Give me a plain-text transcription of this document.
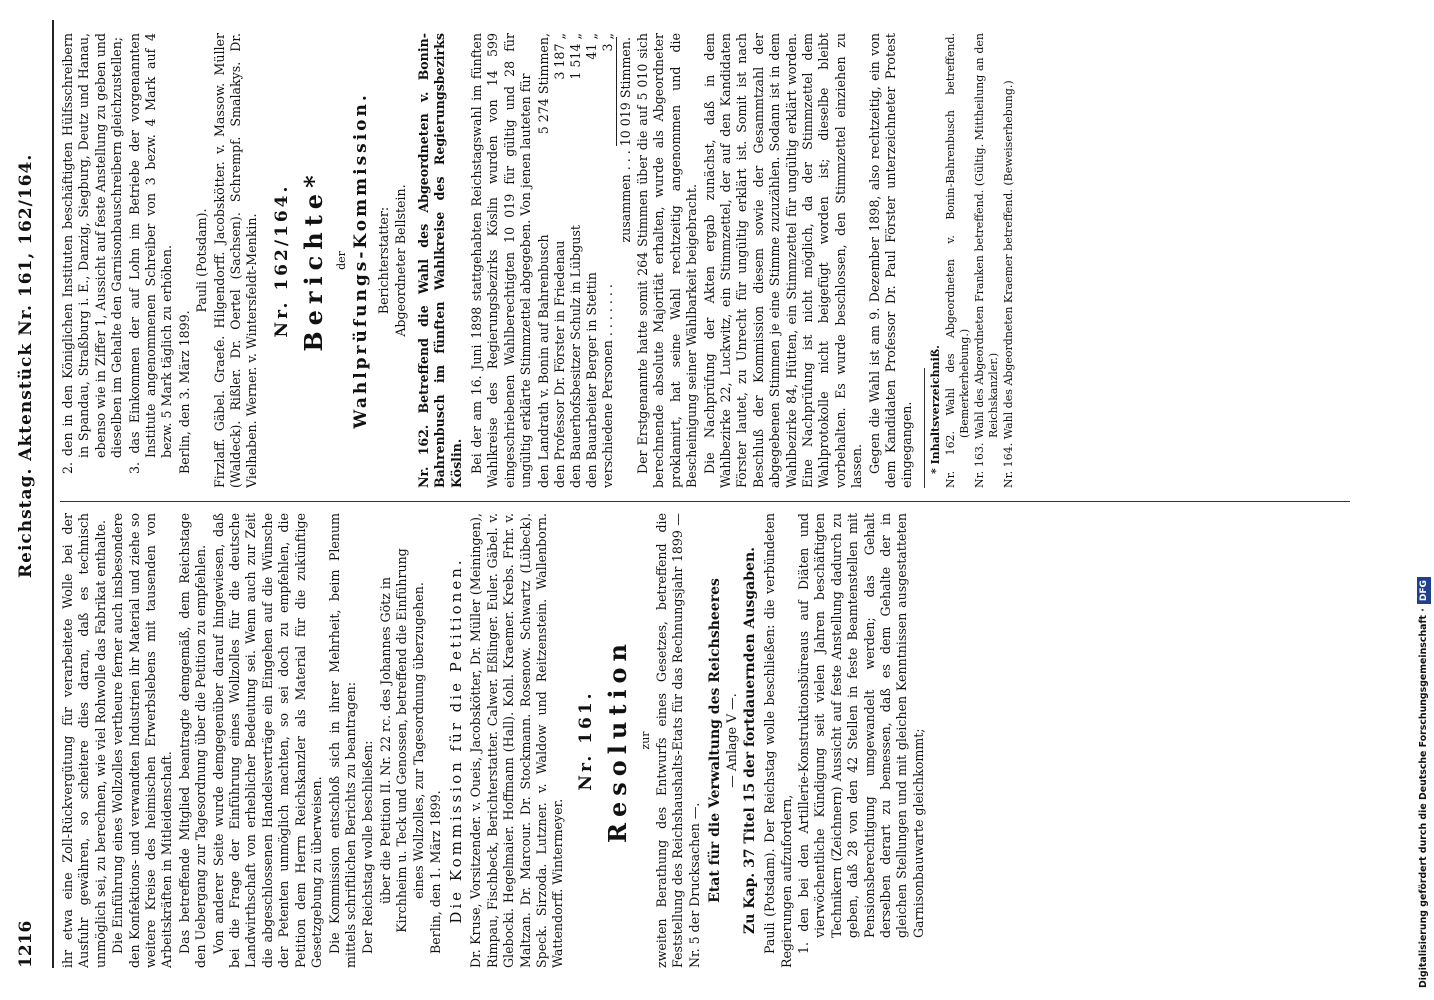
1216
Reichstag. Aktenstück Nr. 161, 162/164.

ihr etwa eine Zoll-Rückvergütung für verarbeitete Wolle bei der Ausfuhr gewähren, so scheitere dies daran, daß es technisch unmöglich sei, zu berechnen, wie viel Rohwolle das Fabrikat enthalte. Die Einführung eines Wollzolles vertheure ferner auch insbesondere den Konfektions- und verwandten Industrien ihr Material und ziehe so weitere Kreise des heimischen Erwerbslebens mit tausenden von Arbeitskräften in Mitleidenschaft. Das betreffende Mitglied beantragte demgemäß, dem Reichstage den Uebergang zur Tagesordnung über die Petition zu empfehlen. Von anderer Seite wurde demgegenüber darauf hingewiesen, daß bei die Frage der Einführung eines Wollzolles für die deutsche Landwirthschaft von erheblicher Bedeutung sei. Wenn auch zur Zeit die abgeschlossenen Handelsverträge ein Eingehen auf die Wünsche der Petenten unmöglich machten, so sei doch zu empfehlen, die Petition dem Herrn Reichskanzler als Material für die zukünftige Gesetzgebung zu überweisen. Die Kommission entschloß sich in ihrer Mehrheit, beim Plenum mittels schriftlichen Berichts zu beantragen: Der Reichstag wolle beschließen: über die Petition II. Nr. 22 rc. des Johannes Götz in Kirchheim u. Teck und Genossen, betreffend die Einführung eines Wollzolles, zur Tagesordnung überzugehen. Berlin, den 1. März 1899. Die Kommission für die Petitionen. Dr. Kruse, Vorsitzender. v. Oueis, Jacobskötter, Dr. Müller (Meiningen), Rimpau, Fischbeck, Berichterstatter. Calwer. Eßlinger. Euler. Gäbel. v. Glebocki. Hegelmaier. Hoffmann (Hall). Kohl. Kraemer. Krebs. Frhr. v. Maltzan. Dr. Marcour. Dr. Stockmann. Rosenow. Schwartz (Lübeck). Speck. Sirzoda. Lutzner. v. Waldow und Reitzenstein. Wallenborn. Wattendorff. Wintermeyer.

Nr. 161. Resolution zur zweiten Berathung des Entwurfs eines Gesetzes, betreffend die Feststellung des Reichshaushalts-Etats für das Rechnungsjahr 1899 — Nr. 5 der Drucksachen —. Etat für die Verwaltung des Reichsheeres — Anlage V —. Zu Kap. 37 Titel 15 der fortdauernden Ausgaben. Pauli (Potsdam). Der Reichstag wolle beschließen: die verbündeten Regierungen aufzufordern, 1. den bei den Artillerie-Konstruktionsbüreaus auf Diäten und vierwöchentliche Kündigung seit vielen Jahren beschäftigten Technikern (Zeichnern) Aussicht auf feste Anstellung dadurch zu geben, daß 28 von den 42 Stellen in feste Beamtenstellen mit Pensionsberechtigung umgewandelt werden; das Gehalt derselben derart zu bemessen, daß es dem Gehalte der in gleichen Stellungen und mit gleichen Kenntnissen ausgestatteten Garnisonbauwarte gleichkommt;

2. den in den Königlichen Instituten beschäftigten Hülfsschreibern in Spandau, Straßburg i. E., Danzig, Siegburg, Deutz und Hanau, ebenso wie in Ziffer 1, Aussicht auf feste Anstellung zu geben und dieselben im Gehalte den Garnisonbauschreibern gleichzustellen; 3. das Einkommen der auf Lohn im Betriebe der vorgenannten Institute angenommenen Schreiber von 3 bezw. 4 Mark auf 4 bezw. 5 Mark täglich zu erhöhen. Berlin, den 3. März 1899.

Pauli (Potsdam). Firzlaff. Gäbel. Graefe. Hilgendorff. Jacobskötter. v. Massow. Müller (Waldeck). Rißler. Dr. Oertel (Sachsen). Schrempf. Smalakys. Dr. Vielhaben. Werner. v. Wintersfeldt-Menkin. Nr. 162/164. Berichte* der Wahlprüfungs-Kommission. Berichterstatter: Abgeordneter Bellstein. Nr. 162. Betreffend die Wahl des Abgeordneten v. Bonin-Bahrenbusch im fünften Wahlkreise des Regierungsbezirks Köslin. Bei der am 16. Juni 1898 stattgehabten Reichstagswahl im fünften Wahlkreise des Regierungsbezirks Köslin wurden von 14 599 eingeschriebenen Wahlberechtigten 10 019 für gültig und 28 für ungültig erklärte Stimmzettel abgegeben. Von jenen lauteten für den Landrath v. Bonin auf Bahrenbusch	5 274 Stimmen,
den Professor Dr. Förster in Friedenau	3 187 „
den Bauerhofsbesitzer Schulz in Lübgust	1 514 „
den Bauarbeiter Berger in Stettin	41 „
verschiedene Personen . . . . . . .	3 „

zusammen . . . 10 019 Stimmen. Der Erstgenannte hatte somit 264 Stimmen über die auf 5 010 sich berechnende absolute Majorität erhalten, wurde als Abgeordneter proklamirt, hat seine Wahl rechtzeitig angenommen und die Bescheinigung seiner Wählbarkeit beigebracht. Die Nachprüfung der Akten ergab zunächst, daß in dem Wahlbezirke 22, Luckwitz, ein Stimmzettel, der auf den Kandidaten Förster lautet, zu Unrecht für ungültig erklärt ist. Somit ist nach Beschluß der Kommission diesem sowie der Gesammtzahl der abgegebenen Stimmen je eine Stimme zuzuzählen. Sodann ist in dem Wahlbezirke 84, Hütten, ein Stimmzettel für ungültig erklärt worden. Eine Nachprüfung ist nicht möglich, da der Stimmzettel dem Wahlprotokolle nicht beigefügt worden ist; dieselbe bleibt vorbehalten. Es wurde beschlossen, den Stimmzettel einziehen zu lassen. Gegen die Wahl ist am 9. Dezember 1898, also rechtzeitig, ein von dem Kandidaten Professor Dr. Paul Förster unterzeichneter Protest eingegangen. * Inhaltsverzeichniß. Nr. 162. Wahl des Abgeordneten v. Bonin-Bahrenbusch betreffend. (Bemerkerhebung.) Nr. 163. Wahl des Abgeordneten Franken betreffend. (Gültig. Mittheilung an den Reichskanzler.) Nr. 164. Wahl des Abgeordneten Kraemer betreffend. (Beweiserhebung.)

Digitalisierung gefördert durch die Deutsche Forschungsgemeinschaft ·DFG
